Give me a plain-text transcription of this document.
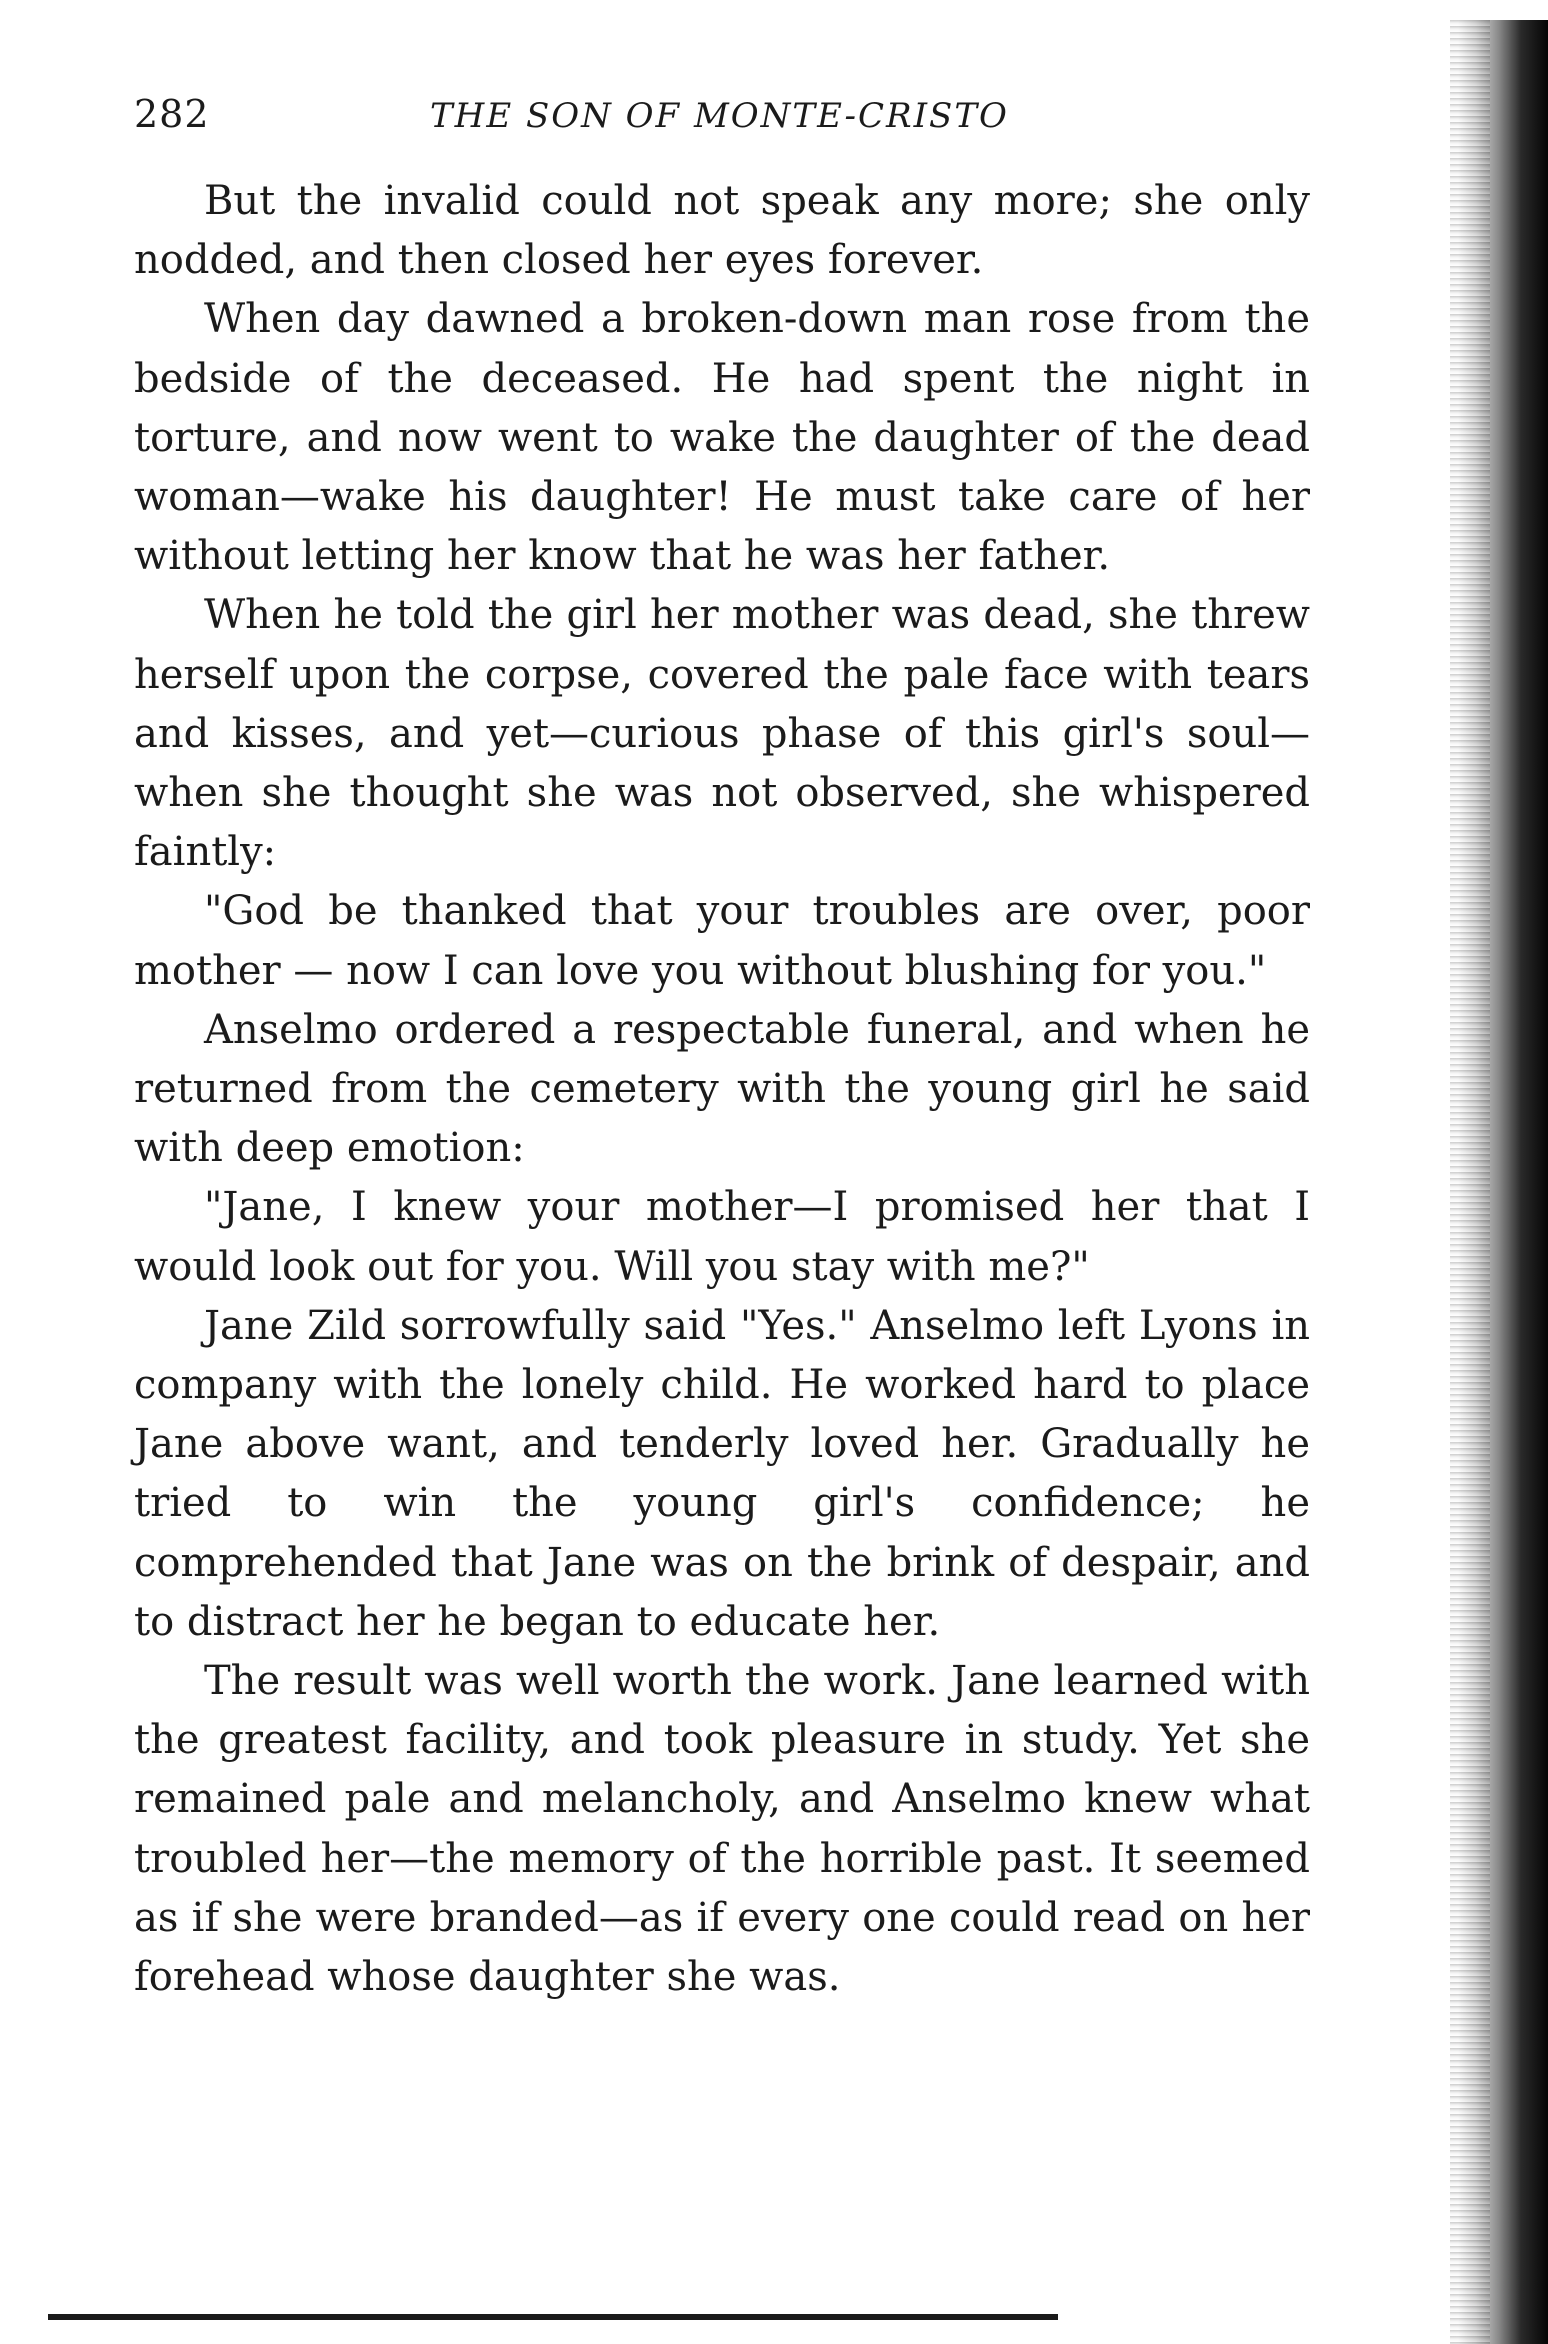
282	THE SON OF MONTE-CRISTO

But the invalid could not speak any more; she only nodded, and then closed her eyes forever.

When day dawned a broken-down man rose from the bedside of the deceased. He had spent the night in torture, and now went to wake the daughter of the dead woman—wake his daughter! He must take care of her without letting her know that he was her father.

When he told the girl her mother was dead, she threw herself upon the corpse, covered the pale face with tears and kisses, and yet—curious phase of this girl's soul—when she thought she was not observed, she whispered faintly:

"God be thanked that your troubles are over, poor mother — now I can love you without blushing for you."

Anselmo ordered a respectable funeral, and when he returned from the cemetery with the young girl he said with deep emotion:

"Jane, I knew your mother—I promised her that I would look out for you. Will you stay with me?"

Jane Zild sorrowfully said "Yes." Anselmo left Lyons in company with the lonely child. He worked hard to place Jane above want, and tenderly loved her. Gradually he tried to win the young girl's confidence; he comprehended that Jane was on the brink of despair, and to distract her he began to educate her.

The result was well worth the work. Jane learned with the greatest facility, and took pleasure in study. Yet she remained pale and melancholy, and Anselmo knew what troubled her—the memory of the horrible past. It seemed as if she were branded—as if every one could read on her forehead whose daughter she was.
